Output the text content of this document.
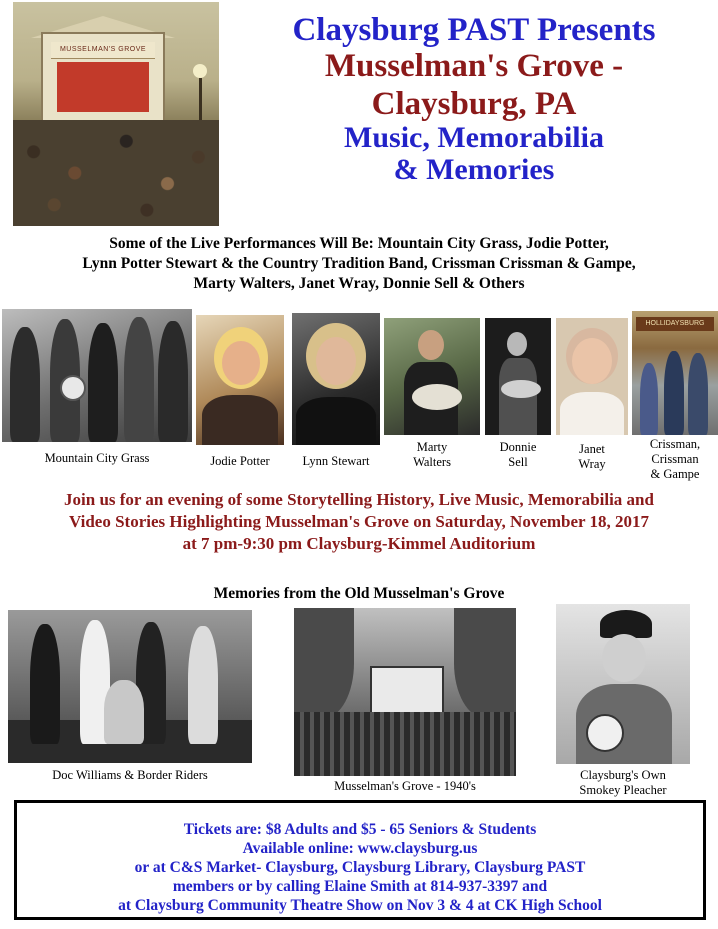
MUSSELMAN'S GROVE
Claysburg PAST Presents
Musselman's Grove -
Claysburg, PA
Music, Memorabilia
& Memories
Some of the Live Performances Will Be: Mountain City Grass, Jodie Potter,
Lynn Potter Stewart & the Country Tradition Band, Crissman Crissman & Gampe,
Marty Walters, Janet Wray, Donnie Sell & Others
Mountain City Grass	Jodie Potter	Lynn Stewart
Marty
Walters
Donnie
Sell
Janet
Wray
HOLLIDAYSBURG
Crissman,
Crissman
& Gampe
Join us for an evening of some Storytelling History, Live Music, Memorabilia and
Video Stories Highlighting Musselman's Grove on Saturday, November 18, 2017
at 7 pm-9:30 pm Claysburg-Kimmel Auditorium
Memories from the Old Musselman's Grove
Doc Williams & Border Riders
Musselman's Grove - 1940's
Claysburg's Own
Smokey Pleacher
Tickets are: $8 Adults and $5 - 65 Seniors & Students
Available online: www.claysburg.us
or at C&S Market- Claysburg, Claysburg Library, Claysburg PAST
members or by calling Elaine Smith at 814-937-3397 and
at Claysburg Community Theatre Show on Nov 3 & 4 at CK High School
